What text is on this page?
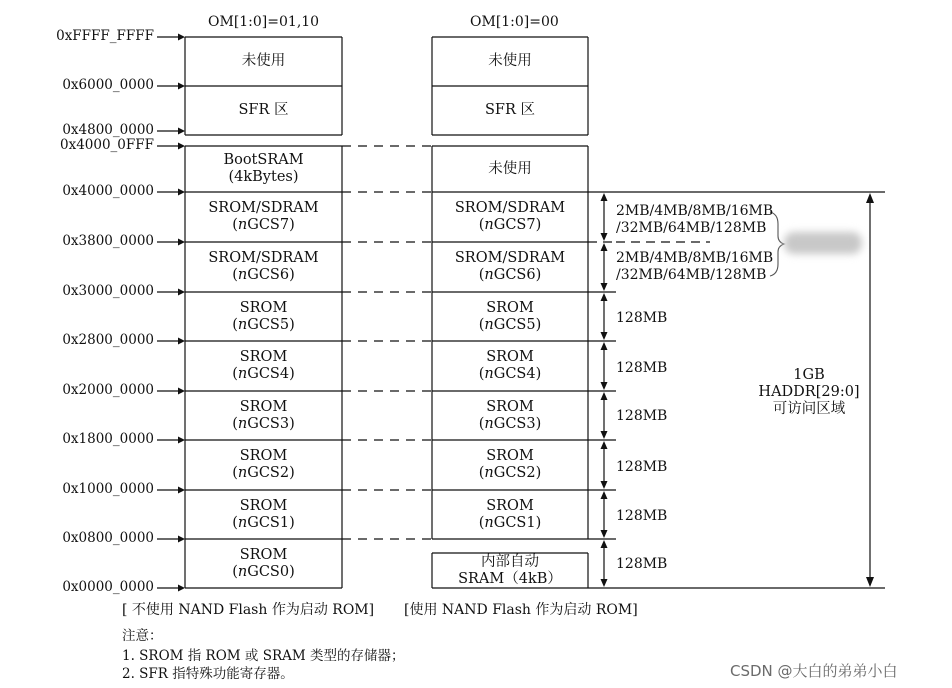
OM[1:0]=01,10	OM[1:0]=00
0xFFFF_FFFF
0x6000_0000
0x4800_0000
0x4000_0FFF
0x4000_0000
0x3800_0000
0x3000_0000
0x2800_0000
0x2000_0000
0x1800_0000
0x1000_0000
0x0800_0000
0x0000_0000
未使用
SFR 区
BootSRAM
(4kBytes)
SROM/SDRAM
(nGCS7)
SROM/SDRAM
(nGCS6)
SROM
(nGCS5)
SROM
(nGCS4)
SROM
(nGCS3)
SROM
(nGCS2)
SROM
(nGCS1)
SROM
(nGCS0)
未使用
SFR 区
未使用
SROM/SDRAM
(nGCS7)
SROM/SDRAM
(nGCS6)
SROM
(nGCS5)
SROM
(nGCS4)
SROM
(nGCS3)
SROM
(nGCS2)
SROM
(nGCS1)
内部自动
SRAM（4kB）
2MB/4MB/8MB/16MB
/32MB/64MB/128MB
2MB/4MB/8MB/16MB
/32MB/64MB/128MB
128MB
128MB
128MB
128MB
128MB
128MB
1GB
HADDR[29:0]
可访问区域
[ 不使用 NAND Flash 作为启动 ROM] [使用 NAND Flash 作为启动 ROM]
注意：
1. SROM 指 ROM 或 SRAM 类型的存储器；
2. SFR 指特殊功能寄存器。	CSDN @大白的弟弟小白
